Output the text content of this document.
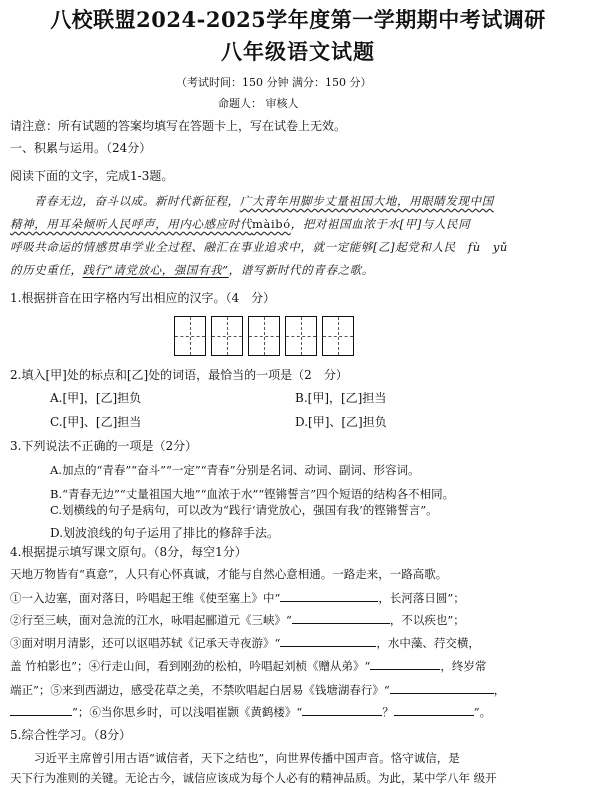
八校联盟2024-2025学年度第一学期期中考试调研
八年级语文试题
（考试时间：150 分钟 满分：150 分）
命题人： 审核人
请注意：所有试题的答案均填写在答题卡上，写在试卷上无效。
一、积累与运用。（24分）
阅读下面的文字，完成1-3题。
青春无边，奋斗以成。新时代新征程，广大青年用脚步丈量祖国大地，用眼睛发现中国
精神，用耳朵倾听人民呼声，用内心感应时代màibó，把对祖国血浓于水[甲]与人民同
呼吸共命运的情感贯串学业全过程、融汇在事业追求中，就一定能够[乙]起党和人民　fù　yǔ
的历史重任，践行“请党放心，强国有我”，谱写新时代的青春之歌。
1.根据拼音在田字格内写出相应的汉字。（4　分）
2.填入[甲]处的标点和[乙]处的词语，最恰当的一项是（2　分）
A.[甲]，[乙]担负	B.[甲]，[乙]担当
C.[甲]、[乙]担当	D.[甲]、[乙]担负
3.下列说法不正确的一项是（2分）
A.加点的“青春”“奋斗”“一定”“青春”分别是名词、动词、副词、形容词。
B.“青春无边”“丈量祖国大地”“血浓于水”“铿锵誓言”四个短语的结构各不相同。
C.划横线的句子是病句，可以改为“践行‘请党放心，强国有我’的铿锵誓言”。
D.划波浪线的句子运用了排比的修辞手法。
4.根据提示填写课文原句。（8分，每空1分）
天地万物皆有“真意”，人只有心怀真诚，才能与自然心意相通。一路走来，一路高歌。
①一入边塞，面对落日，吟唱起王维《使至塞上》中“	，长河落日圆”；
②行至三峡，面对急流的江水，咏唱起郦道元《三峡》“	，不以疾也”；
③面对明月清影，还可以讴唱苏轼《记承天寺夜游》“	，水中藻、荇交横，
盖 竹柏影也”；④行走山间，看到刚劲的松柏，吟唱起刘桢《赠从弟》“	，终岁常
端正”；⑤来到西湖边，感受花草之美，不禁吹唱起白居易《钱塘湖春行》“	，
”；⑥当你思乡时，可以浅唱崔颢《黄鹤楼》“	？	”。
5.综合性学习。（8分）
习近平主席曾引用古语“诚信者，天下之结也”，向世界传播中国声音。恪守诚信，是
天下行为准则的关键。无论古今，诚信应该成为每个人必有的精神品质。为此，某中学八年 级开
